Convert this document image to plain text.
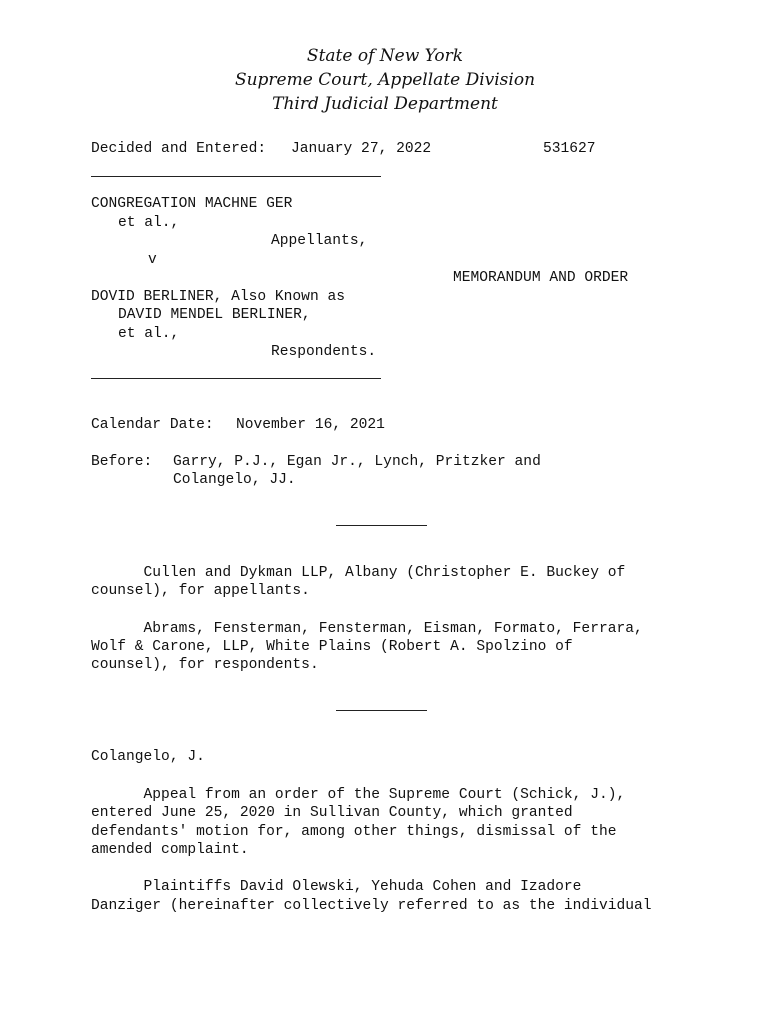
State of New York
Supreme Court, Appellate Division
Third Judicial Department
Decided and Entered: January 27, 2022	531627
CONGREGATION MACHNE GER
et al.,
Appellants,
v
MEMORANDUM AND ORDER
DOVID BERLINER, Also Known as
DAVID MENDEL BERLINER,
et al.,
Respondents.
Calendar Date: November 16, 2021
Before: Garry, P.J., Egan Jr., Lynch, Pritzker and
Colangelo, JJ.
Cullen and Dykman LLP, Albany (Christopher E. Buckey of
counsel), for appellants.
Abrams, Fensterman, Fensterman, Eisman, Formato, Ferrara,
Wolf & Carone, LLP, White Plains (Robert A. Spolzino of
counsel), for respondents.
Colangelo, J.
Appeal from an order of the Supreme Court (Schick, J.),
entered June 25, 2020 in Sullivan County, which granted
defendants' motion for, among other things, dismissal of the
amended complaint.
Plaintiffs David Olewski, Yehuda Cohen and Izadore
Danziger (hereinafter collectively referred to as the individual
